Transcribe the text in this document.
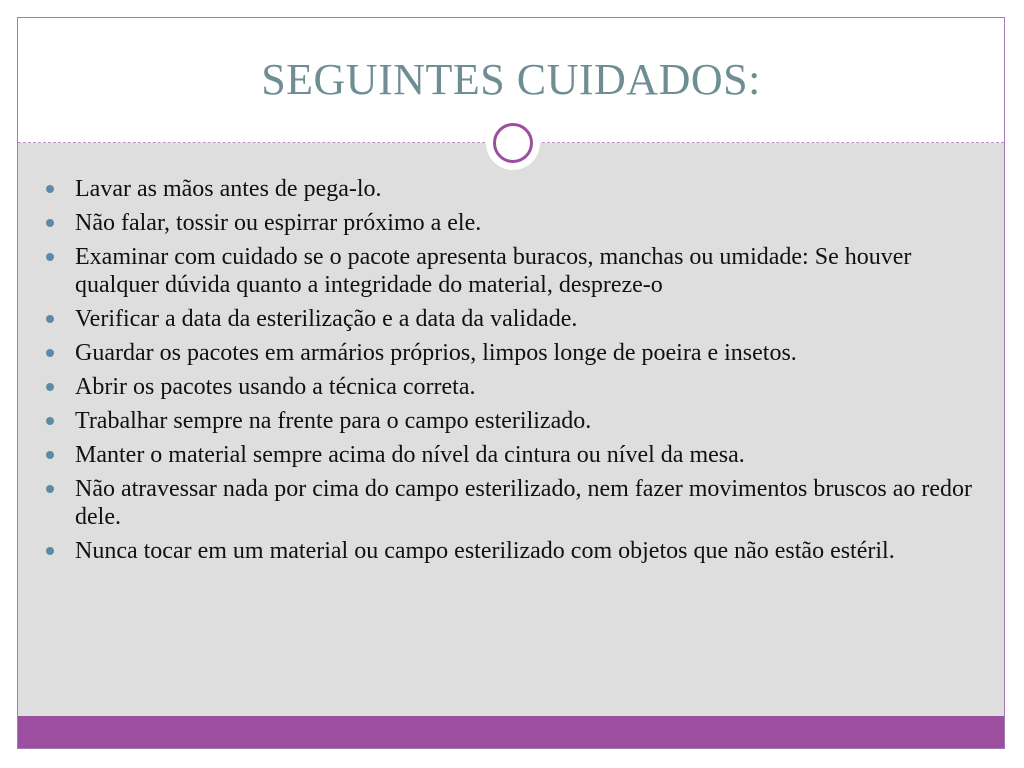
SEGUINTES CUIDADOS:
Lavar as mãos antes de pega-lo.
Não falar, tossir ou espirrar próximo a ele.
Examinar com cuidado se o pacote apresenta buracos, manchas ou umidade: Se houver qualquer dúvida quanto a integridade do material, despreze-o
Verificar a data da esterilização e a data da validade.
Guardar os pacotes em armários próprios, limpos longe de poeira e insetos.
Abrir os pacotes usando a técnica correta.
Trabalhar sempre na frente para o campo esterilizado.
Manter o material sempre acima do nível da cintura ou nível da mesa.
Não atravessar nada por cima do campo esterilizado, nem fazer movimentos bruscos ao redor dele.
Nunca tocar em um material ou campo esterilizado com objetos que não estão estéril.
